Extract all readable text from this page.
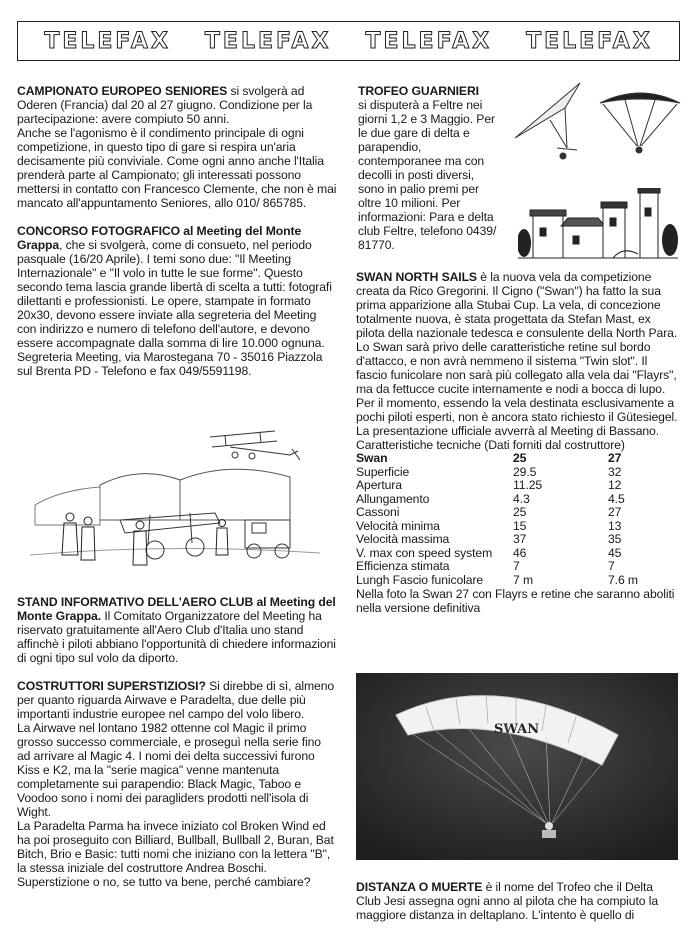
TELEFAX TELEFAX TELEFAX TELEFAX

CAMPIONATO EUROPEO SENIORES si svolgerà ad Oderen (Francia) dal 20 al 27 giugno. Condizione per la partecipazione: avere compiuto 50 anni.

Anche se l'agonismo è il condimento principale di ogni competizione, in questo tipo di gare si respira un'aria decisamente più conviviale. Come ogni anno anche l'Italia prenderà parte al Campionato; gli interessati possono mettersi in contatto con Francesco Clemente, che non è mai mancato all'appuntamento Seniores, allo 010/ 865785.

CONCORSO FOTOGRAFICO al Meeting del Monte Grappa, che si svolgerà, come di consueto, nel periodo pasquale (16/20 Aprile). I temi sono due: "Il Meeting Internazionale" e "Il volo in tutte le sue forme". Questo secondo tema lascia grande libertà di scelta a tutti: fotografi dilettanti e professionisti. Le opere, stampate in formato 20x30, devono essere inviate alla segreteria del Meeting con indirizzo e numero di telefono dell'autore, e devono essere accompagnate dalla somma di lire 10.000 ognuna.

Segreteria Meeting, via Marostegana 70 - 35016 Piazzola sul Brenta PD - Telefono e fax 049/5591198.

STAND INFORMATIVO DELL'AERO CLUB al Meeting del Monte Grappa. Il Comitato Organizzatore del Meeting ha riservato gratuitamente all'Aero Club d'Italia uno stand affinchè i piloti abbiano l'opportunità di chiedere informazioni di ogni tipo sul volo da diporto.

COSTRUTTORI SUPERSTIZIOSI? Si direbbe di sì, almeno per quanto riguarda Airwave e Paradelta, due delle più importanti industrie europee nel campo del volo libero.

La Airwave nel lontano 1982 ottenne col Magic il primo grosso successo commerciale, e proseguì nella serie fino ad arrivare al Magic 4. I nomi dei delta successivi furono Kiss e K2, ma la "serie magica" venne mantenuta completamente sui parapendio: Black Magic, Taboo e Voodoo sono i nomi dei paragliders prodotti nell'isola di Wight.

La Paradelta Parma ha invece iniziato col Broken Wind ed ha poi proseguito con Billiard, Bullball, Bullball 2, Buran, Bat Bitch, Brio e Basic: tutti nomi che iniziano con la lettera "B", la stessa iniziale del costruttore Andrea Boschi. Superstizione o no, se tutto va bene, perché cambiare?

TROFEO GUARNIERI

si disputerà a Feltre nei giorni 1,2 e 3 Maggio. Per le due gare di delta e parapendio, contemporanee ma con decolli in posti diversi, sono in palio premi per oltre 10 milioni. Per informazioni: Para e delta club Feltre, telefono 0439/ 81770.

SWAN NORTH SAILS è la nuova vela da competizione creata da Rico Gregorini. Il Cigno ("Swan") ha fatto la sua prima apparizione alla Stubai Cup. La vela, di concezione totalmente nuova, è stata progettata da Stefan Mast, ex pilota della nazionale tedesca e consulente della North Para. Lo Swan sarà privo delle caratteristiche retine sul bordo d'attacco, e non avrà nemmeno il sistema "Twin slot". Il fascio funicolare non sarà più collegato alla vela dai "Flayrs", ma da fettucce cucite internamente e nodi a bocca di lupo.

Per il momento, essendo la vela destinata esclusivamente a pochi piloti esperti, non è ancora stato richiesto il Gütesiegel. La presentazione ufficiale avverrà al Meeting di Bassano.

Caratteristiche tecniche (Dati forniti dal costruttore)

Swan	25	27
Superficie	29.5	32
Apertura	11.25	12
Allungamento	4.3	4.5
Cassoni	25	27
Velocità minima	15	13
Velocità massima	37	35
V. max con speed system	46	45
Efficienza stimata	7	7
Lungh Fascio funicolare	7 m	7.6 m

Nella foto la Swan 27 con Flayrs e retine che saranno aboliti nella versione definitiva

SWAN

DISTANZA O MUERTE è il nome del Trofeo che il Delta Club Jesi assegna ogni anno al pilota che ha compiuto la maggiore distanza in deltaplano. L'intento è quello di
